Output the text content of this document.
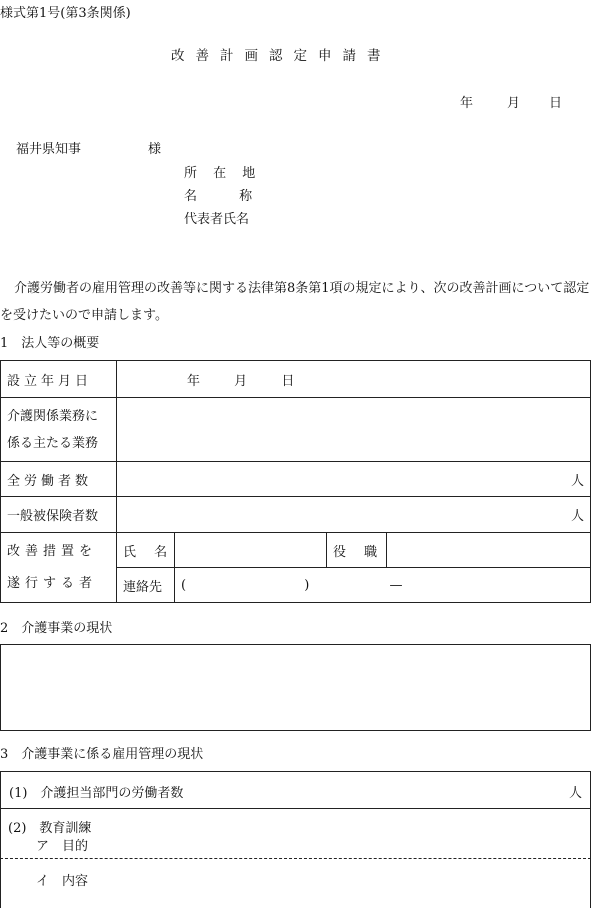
様式第1号(第3条関係)
改善計画認定申請書
年	月 日
福井県知事	様
所 在 地
名 称
代表者氏名
介護労働者の雇用管理の改善等に関する法律第8条第1項の規定により、次の改善計画について認定を受けたいので申請します。
1　法人等の概要
設立年月日	年 月 日			

介護関係業務に
係る主たる業務				

全労働者数	人			
一般被保険者数	人			

改善措置を
遂行する者	氏 名		役 職	
	連絡先	( ) —		
2　介護事業の現状
3　介護事業に係る雇用管理の現状
(1)　介護担当部門の労働者数	人
(2)　教育訓練
ア　目的
イ　内容
